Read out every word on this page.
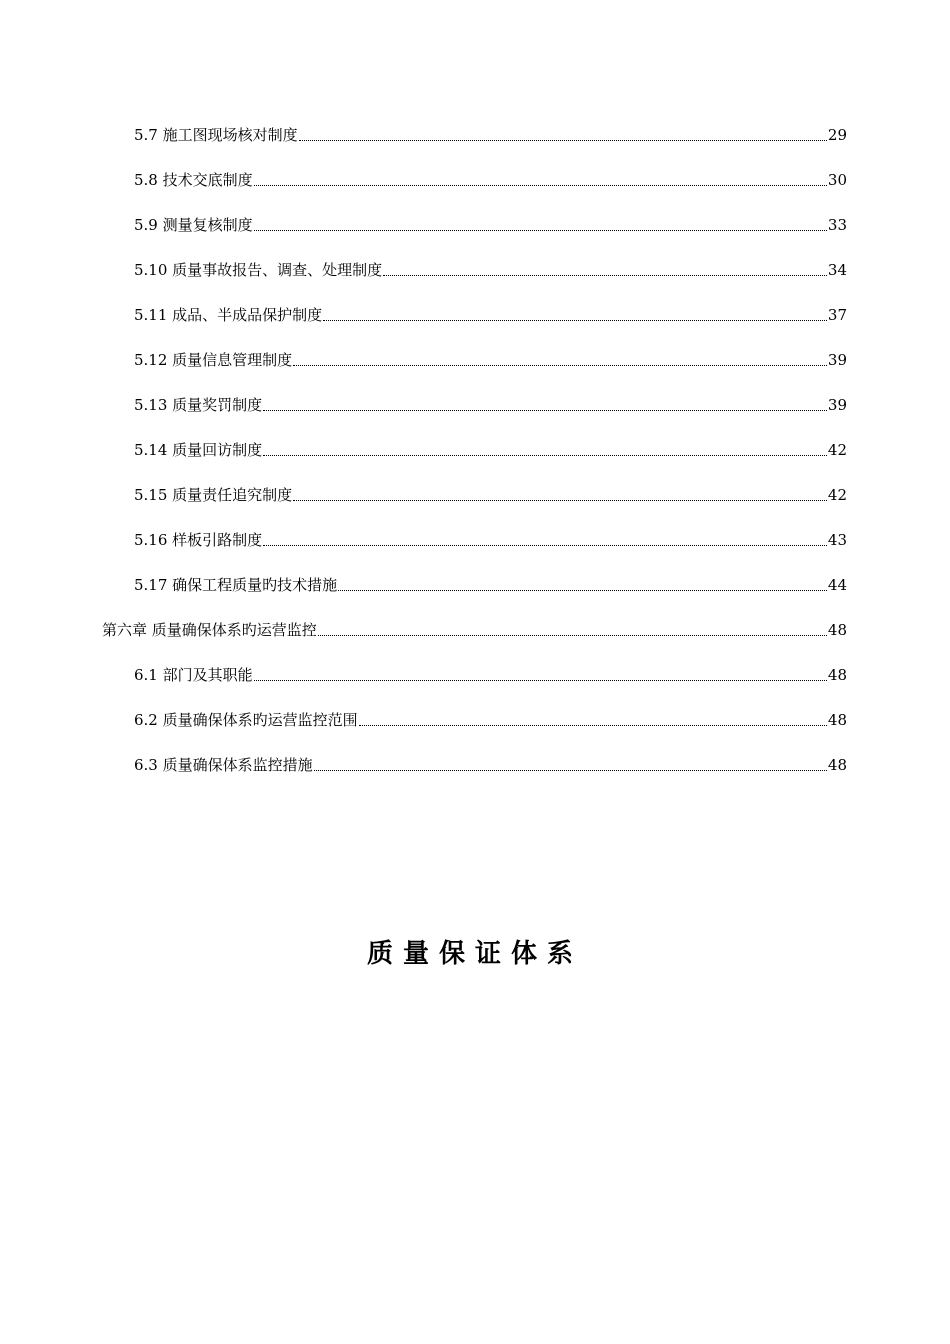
5.7 施工图现场核对制度	29
5.8 技术交底制度	30
5.9 测量复核制度	33
5.10 质量事故报告、调查、处理制度	34
5.11 成品、半成品保护制度	37
5.12 质量信息管理制度	39
5.13 质量奖罚制度	39
5.14 质量回访制度	42
5.15 质量责任追究制度	42
5.16 样板引路制度	43
5.17 确保工程质量旳技术措施	44
第六章 质量确保体系旳运营监控	48
6.1 部门及其职能	48
6.2 质量确保体系旳运营监控范围	48
6.3 质量确保体系监控措施	48
质量保证体系
